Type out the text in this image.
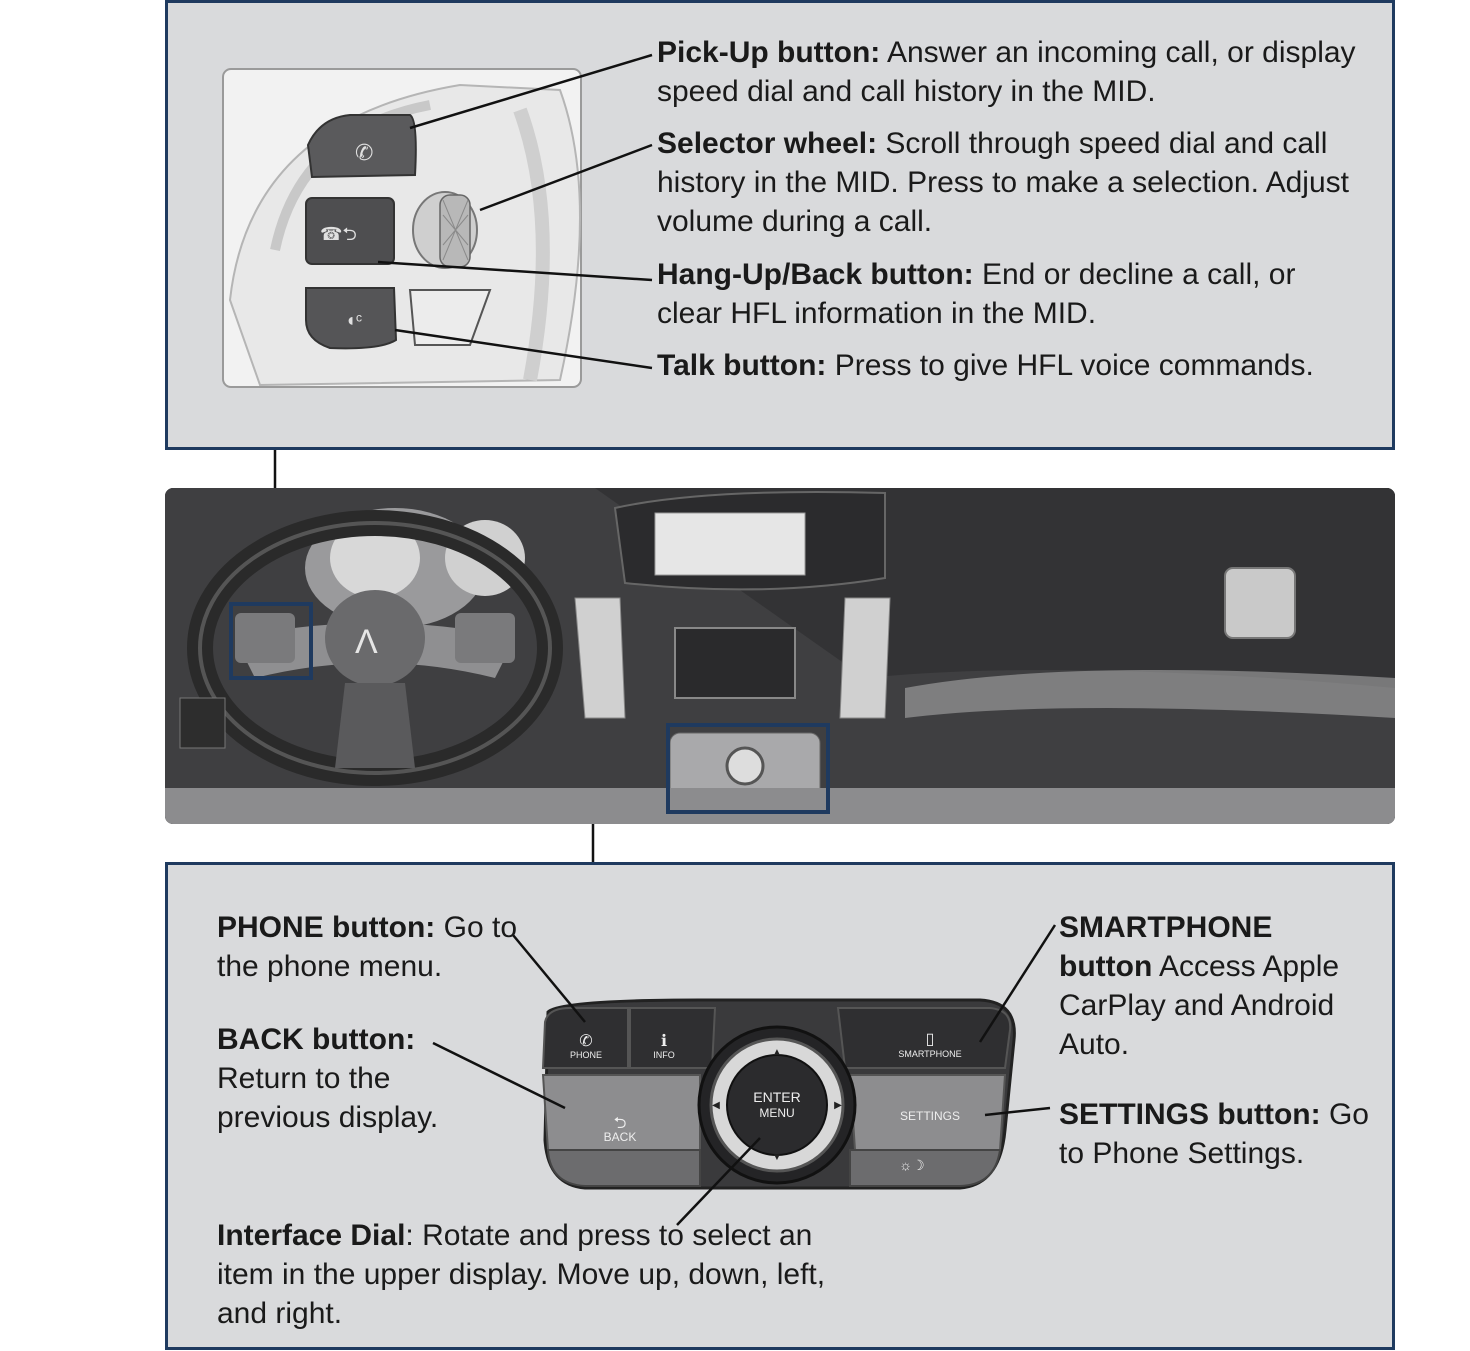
✆
☎⮌
◖ᶜ
Pick-Up button: Answer an incoming call, or display speed dial and call history in the MID.
Selector wheel: Scroll through speed dial and call history in the MID. Press to make a selection. Adjust volume during a call.
Hang-Up/Back button: End or decline a call, or clear HFL information in the MID.
Talk button: Press to give HFL voice commands.
Λ
▲
▼
◀	▶
✆	ℹ	▯
⮌
PHONE	INFO	SMARTPHONE
BACK
SETTINGS
ENTER
MENU
☼☽
PHONE button: Go to the phone menu.
BACK button: Return to the previous display.
SMARTPHONE button Access Apple CarPlay and Android Auto.
SETTINGS button: Go to Phone Settings.
Interface Dial: Rotate and press to select an item in the upper display. Move up, down, left, and right.
